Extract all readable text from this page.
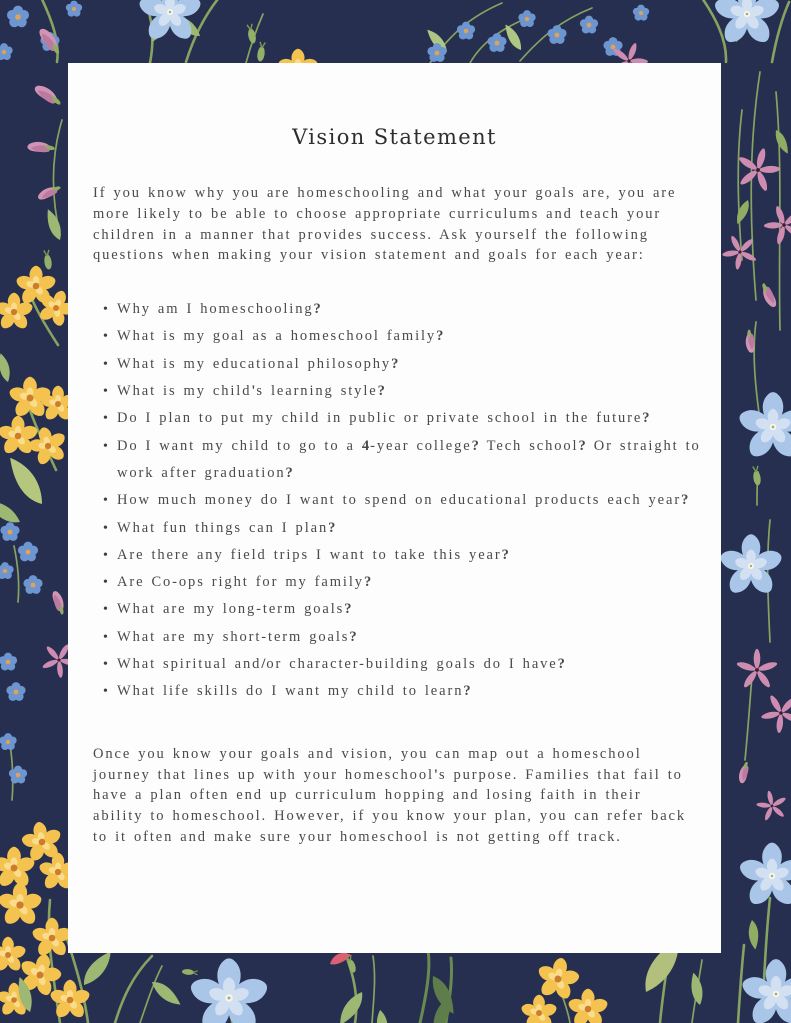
Vision Statement

If you know why you are homeschooling and what your goals are, you are more likely to be able to choose appropriate curriculums and teach your children in a manner that provides success. Ask yourself the following questions when making your vision statement and goals for each year:

• Why am I homeschooling?
• What is my goal as a homeschool family?
• What is my educational philosophy?
• What is my child's learning style?
• Do I plan to put my child in public or private school in the future?
• Do I want my child to go to a 4-year college? Tech school? Or straight to work after graduation?
• How much money do I want to spend on educational products each year?
• What fun things can I plan?
• Are there any field trips I want to take this year?
• Are Co-ops right for my family?
• What are my long-term goals?
• What are my short-term goals?
• What spiritual and/or character-building goals do I have?
• What life skills do I want my child to learn?

Once you know your goals and vision, you can map out a homeschool journey that lines up with your homeschool's purpose. Families that fail to have a plan often end up curriculum hopping and losing faith in their ability to homeschool. However, if you know your plan, you can refer back to it often and make sure your homeschool is not getting off track.
